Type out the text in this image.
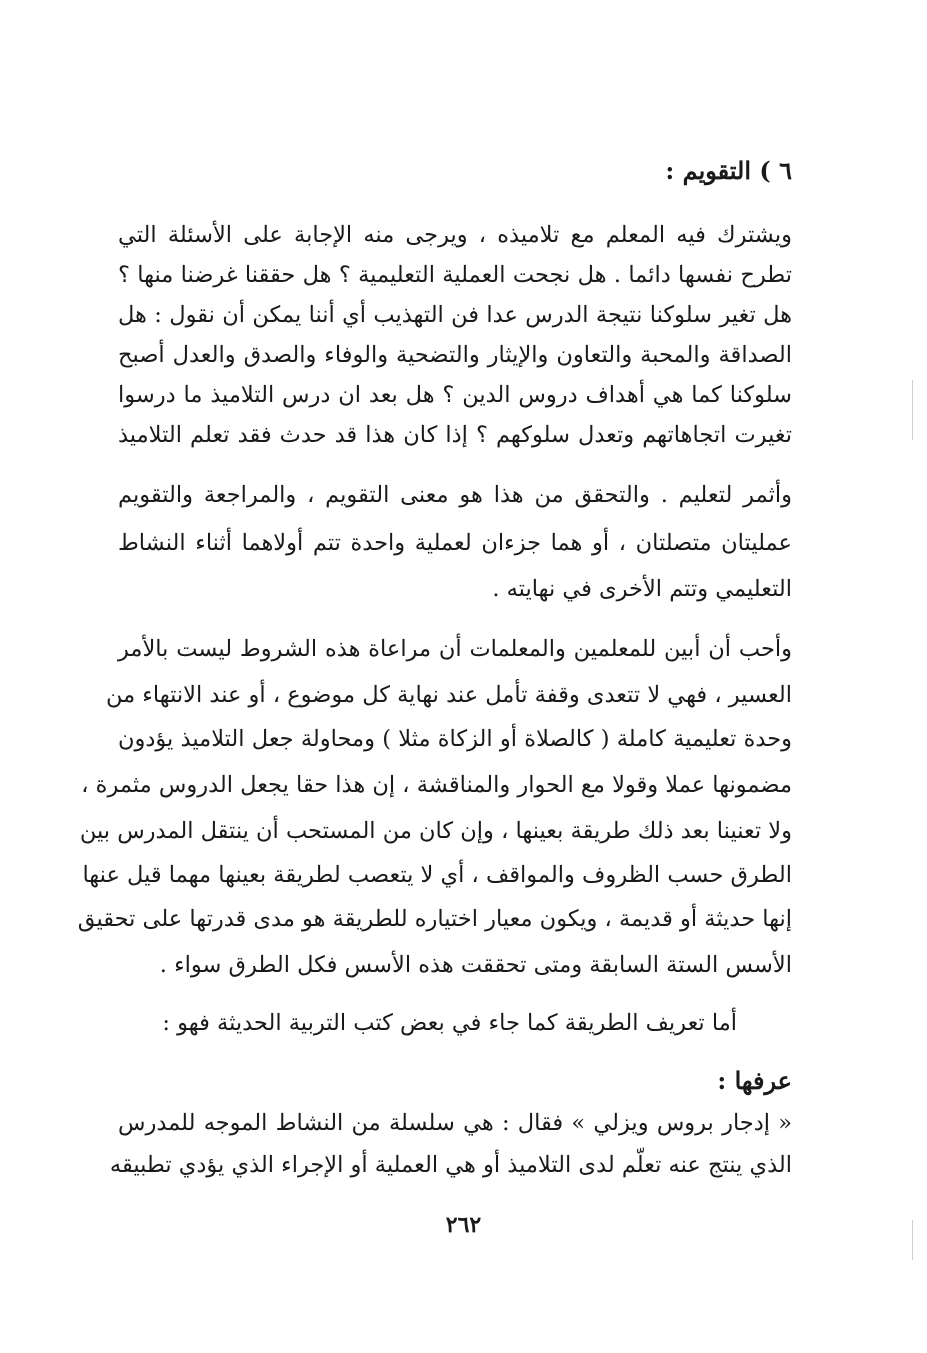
٦ ) التقويم :
ويشترك فيه المعلم مع تلاميذه ، ويرجى منه الإجابة على الأسئلة التي
تطرح نفسها دائما . هل نجحت العملية التعليمية ؟ هل حققنا غرضنا منها ؟
هل تغير سلوكنا نتيجة الدرس عدا فن التهذيب أي أننا يمكن أن نقول : هل
الصداقة والمحبة والتعاون والإيثار والتضحية والوفاء والصدق والعدل أصبح
سلوكنا كما هي أهداف دروس الدين ؟ هل بعد ان درس التلاميذ ما درسوا
تغيرت اتجاهاتهم وتعدل سلوكهم ؟ إذا كان هذا قد حدث فقد تعلم التلاميذ
وأثمر لتعليم . والتحقق من هذا هو معنى التقويم ، والمراجعة والتقويم
عمليتان متصلتان ، أو هما جزءان لعملية واحدة تتم أولاهما أثناء النشاط
التعليمي وتتم الأخرى في نهايته .
وأحب أن أبين للمعلمين والمعلمات أن مراعاة هذه الشروط ليست بالأمر
العسير ، فهي لا تتعدى وقفة تأمل عند نهاية كل موضوع ، أو عند الانتهاء من
وحدة تعليمية كاملة ( كالصلاة أو الزكاة مثلا ) ومحاولة جعل التلاميذ يؤدون
مضمونها عملا وقولا مع الحوار والمناقشة ، إن هذا حقا يجعل الدروس مثمرة ،
ولا تعنينا بعد ذلك طريقة بعينها ، وإن كان من المستحب أن ينتقل المدرس بين
الطرق حسب الظروف والمواقف ، أي لا يتعصب لطريقة بعينها مهما قيل عنها
إنها حديثة أو قديمة ، ويكون معيار اختياره للطريقة هو مدى قدرتها على تحقيق
الأسس الستة السابقة ومتى تحققت هذه الأسس فكل الطرق سواء .
أما تعريف الطريقة كما جاء في بعض كتب التربية الحديثة فهو :
عرفها :
« إدجار بروس ويزلي » فقال : هي سلسلة من النشاط الموجه للمدرس
الذي ينتج عنه تعلّم لدى التلاميذ أو هي العملية أو الإجراء الذي يؤدي تطبيقه
٢٦٢
